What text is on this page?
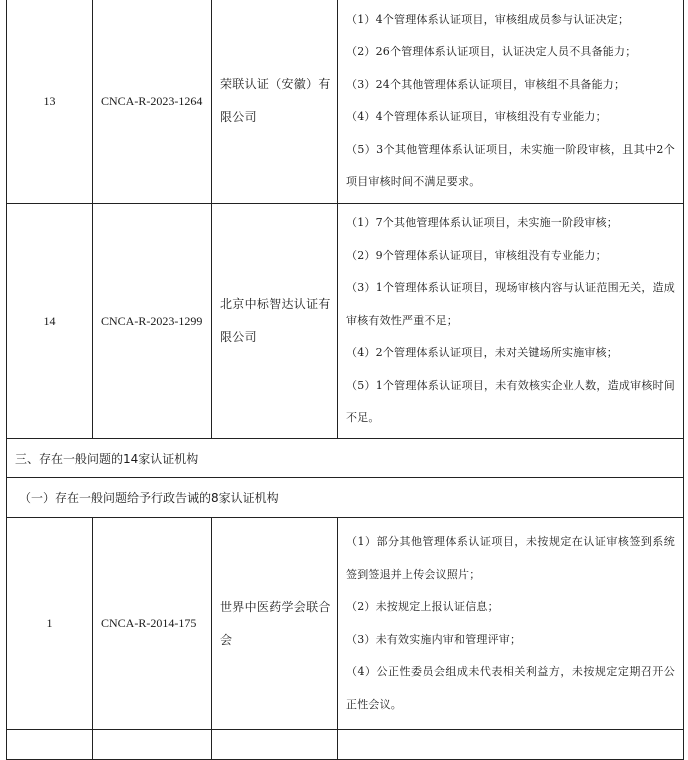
13	CNCA-R-2023-1264	荣联认证（安徽）有限公司	（1）4个管理体系认证项目，审核组成员参与认证决定；
（2）26个管理体系认证项目，认证决定人员不具备能力；
（3）24个其他管理体系认证项目，审核组不具备能力；
（4）4个管理体系认证项目，审核组没有专业能力；
（5）3个其他管理体系认证项目，未实施一阶段审核，且其中2个项目审核时间不满足要求。

14	CNCA-R-2023-1299	北京中标智达认证有限公司	（1）7个其他管理体系认证项目，未实施一阶段审核；
（2）9个管理体系认证项目，审核组没有专业能力；
（3）1个管理体系认证项目，现场审核内容与认证范围无关，造成审核有效性严重不足；
（4）2个管理体系认证项目，未对关键场所实施审核；
（5）1个管理体系认证项目，未有效核实企业人数，造成审核时间不足。

三、存在一般问题的14家认证机构			
（一）存在一般问题给予行政告诫的8家认证机构			
1	CNCA-R-2014-175	世界中医药学会联合会	（1）部分其他管理体系认证项目，未按规定在认证审核签到系统签到签退并上传会议照片；
（2）未按规定上报认证信息；
（3）未有效实施内审和管理评审；
（4）公正性委员会组成未代表相关利益方，未按规定定期召开公正性会议。
